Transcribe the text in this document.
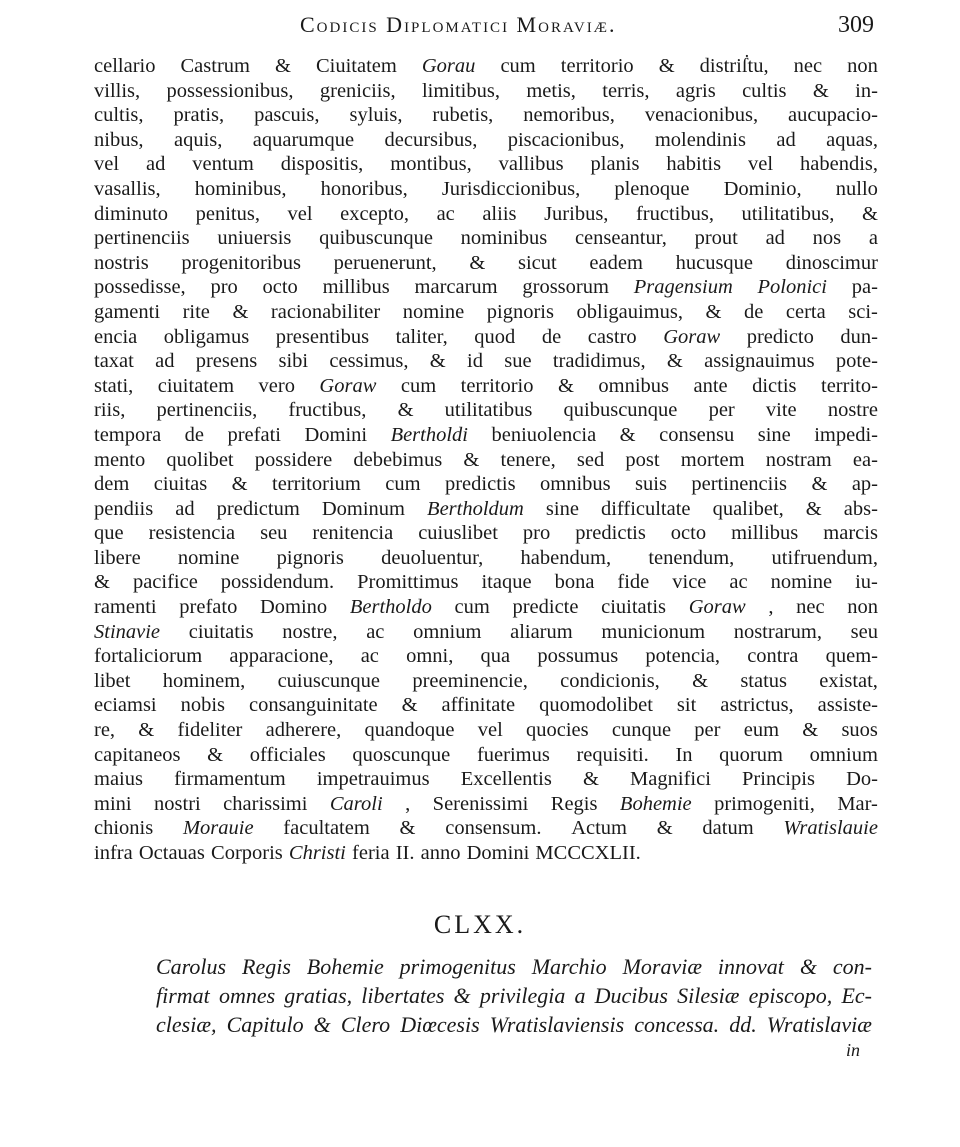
Codicis Diplomatici Moraviæ.	309
cellario Castrum & Ciuitatem Gorau cum territorio & distriẛtu, nec non
villis, possessionibus, greniciis, limitibus, metis, terris, agris cultis & in-
cultis, pratis, pascuis, syluis, rubetis, nemoribus, venacionibus, aucupacio-
nibus, aquis, aquarumque decursibus, piscacionibus, molendinis ad aquas,
vel ad ventum dispositis, montibus, vallibus planis habitis vel habendis,
vasallis, hominibus, honoribus, Jurisdiccionibus, plenoque Dominio, nullo
diminuto penitus, vel excepto, ac aliis Juribus, fructibus, utilitatibus, &
pertinenciis uniuersis quibuscunque nominibus censeantur, prout ad nos a
nostris progenitoribus peruenerunt, & sicut eadem hucusque dinoscimur
possedisse, pro octo millibus marcarum grossorum Pragensium Polonici pa-
gamenti rite & racionabiliter nomine pignoris obligauimus, & de certa sci-
encia obligamus presentibus taliter, quod de castro Goraw predicto dun-
taxat ad presens sibi cessimus, & id sue tradidimus, & assignauimus pote-
stati, ciuitatem vero Goraw cum territorio & omnibus ante dictis territo-
riis, pertinenciis, fructibus, & utilitatibus quibuscunque per vite nostre
tempora de prefati Domini Bertholdi beniuolencia & consensu sine impedi-
mento quolibet possidere debebimus & tenere, sed post mortem nostram ea-
dem ciuitas & territorium cum predictis omnibus suis pertinenciis & ap-
pendiis ad predictum Dominum Bertholdum sine difficultate qualibet, & abs-
que resistencia seu renitencia cuiuslibet pro predictis octo millibus marcis
libere nomine pignoris deuoluentur, habendum, tenendum, utifruendum,
& pacifice possidendum. Promittimus itaque bona fide vice ac nomine iu-
ramenti prefato Domino Bertholdo cum predicte ciuitatis Goraw , nec non
Stinavie ciuitatis nostre, ac omnium aliarum municionum nostrarum, seu
fortaliciorum apparacione, ac omni, qua possumus potencia, contra quem-
libet hominem, cuiuscunque preeminencie, condicionis, & status existat,
eciamsi nobis consanguinitate & affinitate quomodolibet sit astrictus, assiste-
re, & fideliter adherere, quandoque vel quocies cunque per eum & suos
capitaneos & officiales quoscunque fuerimus requisiti. In quorum omnium
maius firmamentum impetrauimus Excellentis & Magnifici Principis Do-
mini nostri charissimi Caroli , Serenissimi Regis Bohemie primogeniti, Mar-
chionis Morauie facultatem & consensum. Actum & datum Wratislauie
infra Octauas Corporis Christi feria II. anno Domini MCCCXLII.
CLXX.
Carolus Regis Bohemie primogenitus Marchio Moraviæ innovat & con-
firmat omnes gratias, libertates & privilegia a Ducibus Silesiæ episcopo, Ec-
clesiæ, Capitulo & Clero Diœcesis Wratislaviensis concessa. dd. Wratislaviæ
in
